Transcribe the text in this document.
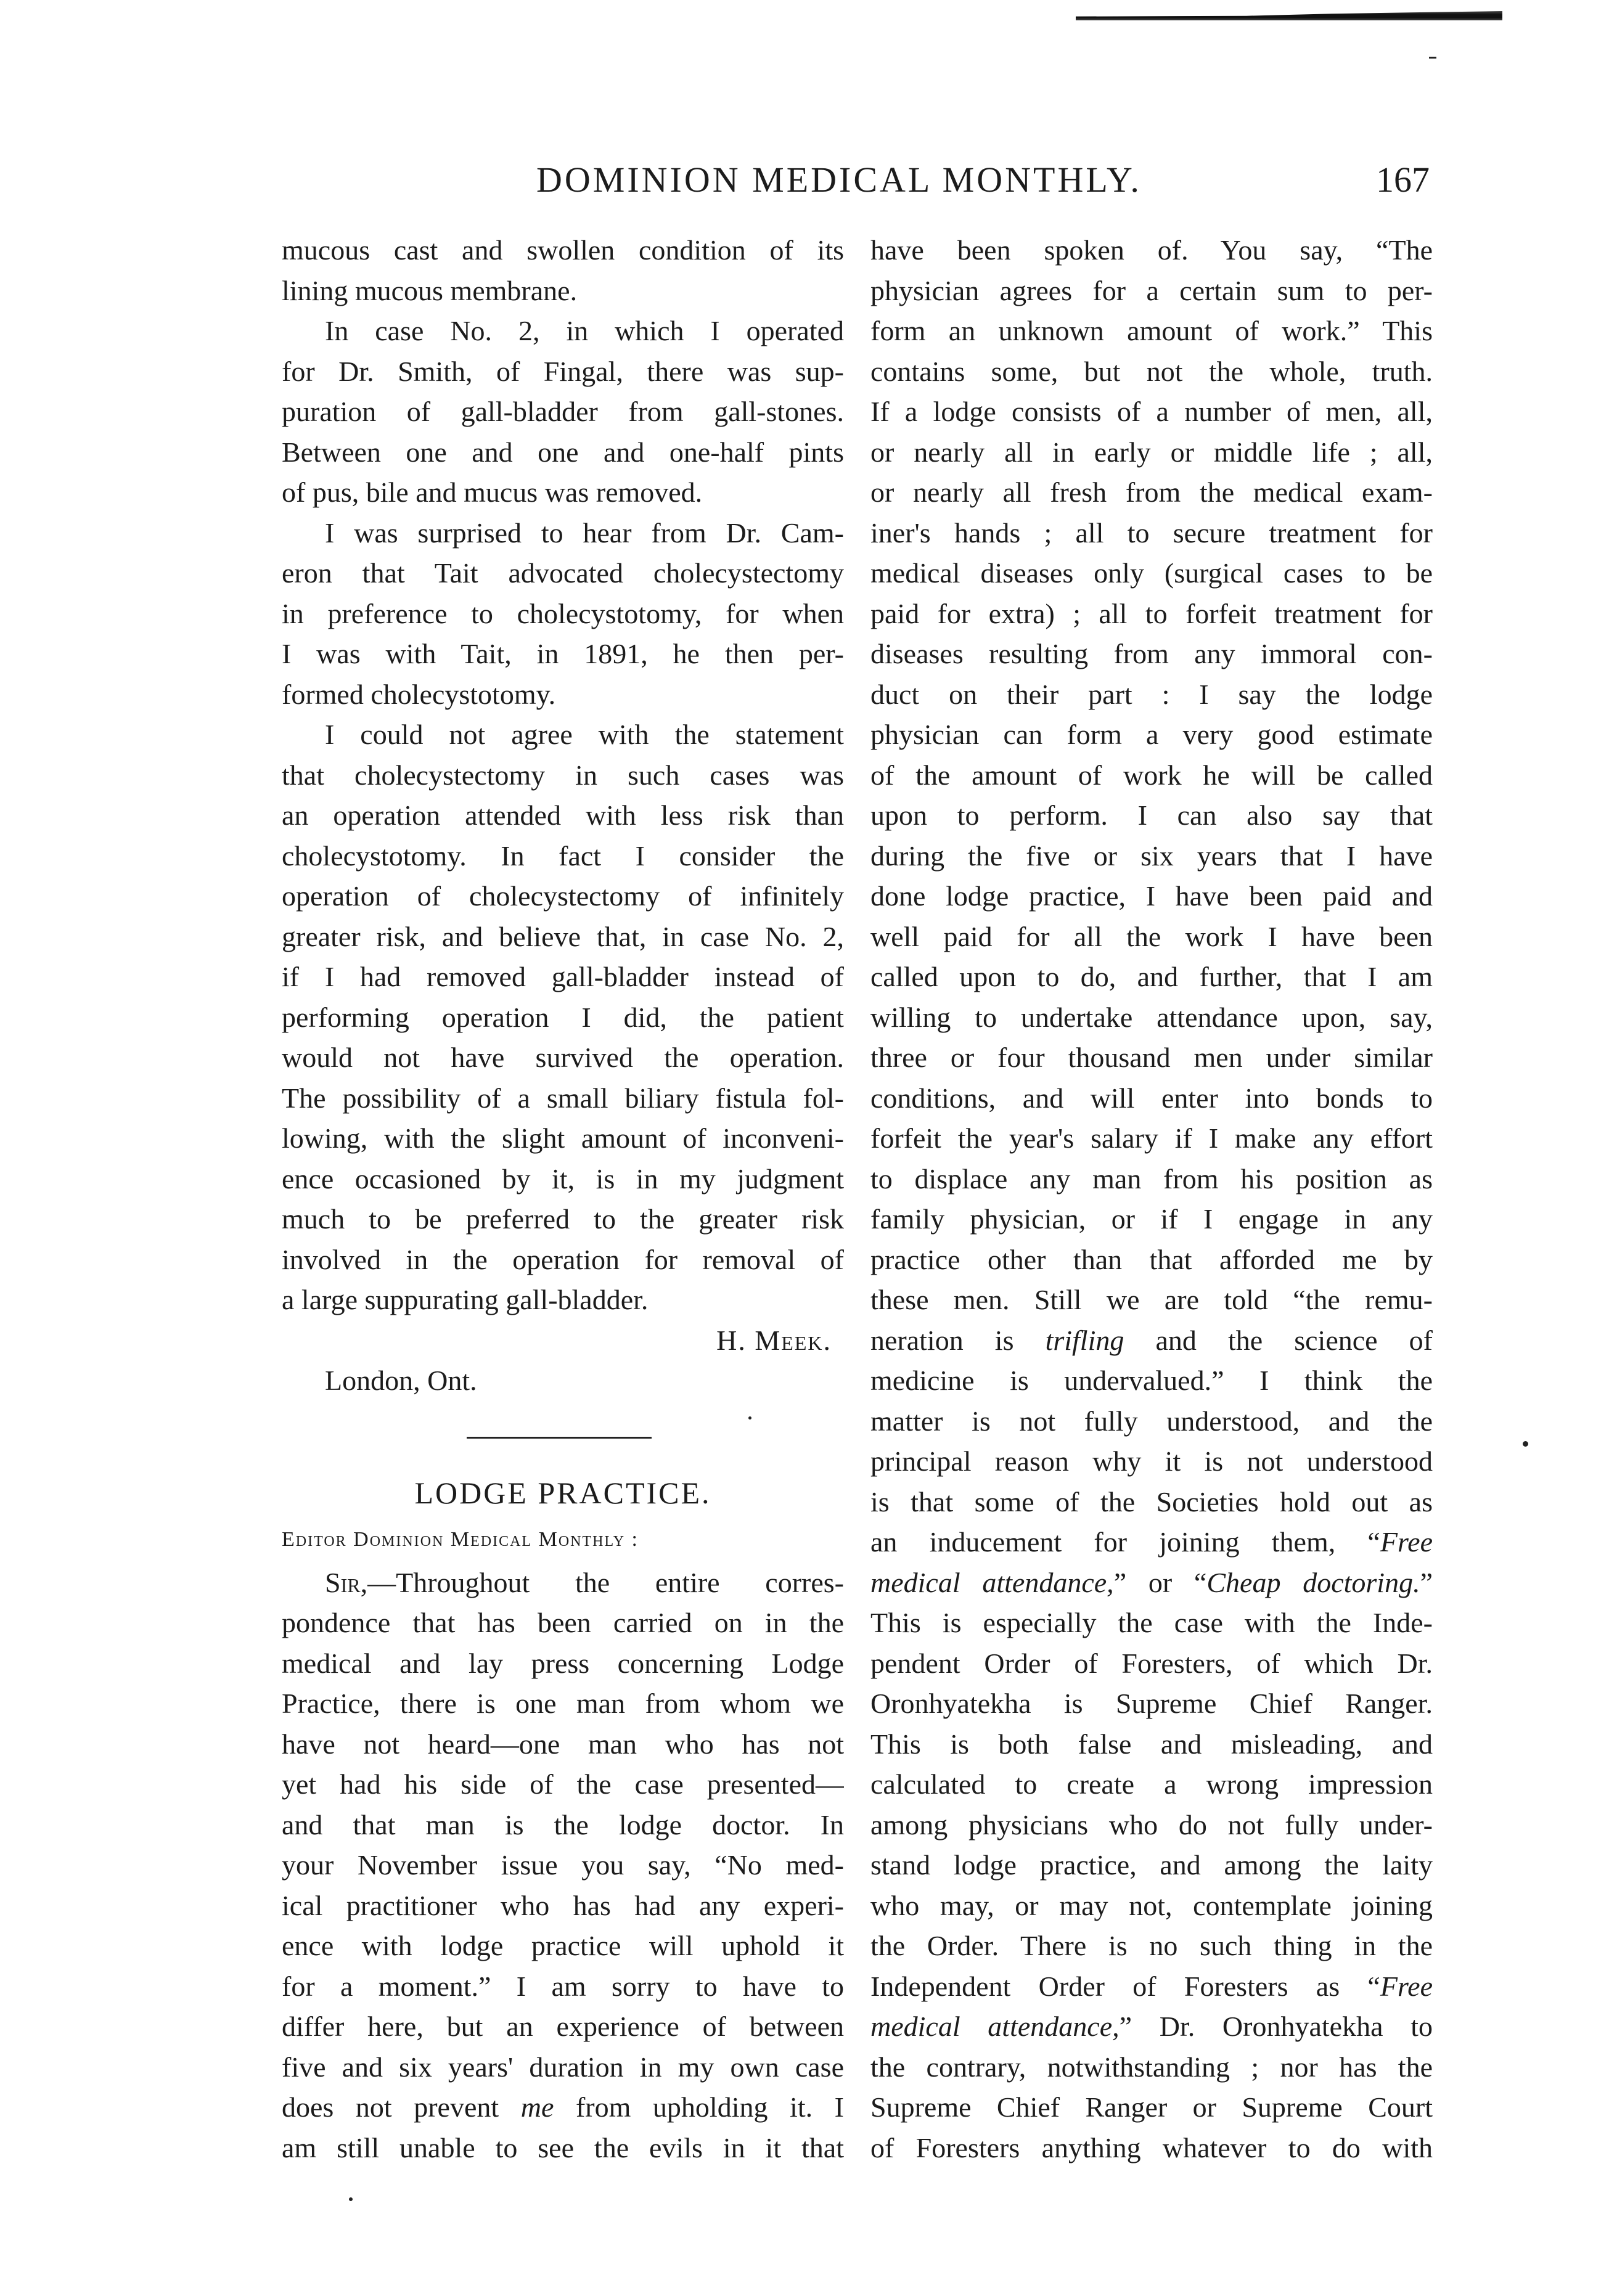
DOMINION MEDICAL MONTHLY.	167
mucous cast and swollen condition of its
lining mucous membrane.
In case No. 2, in which I operated
for Dr. Smith, of Fingal, there was sup-
puration of gall-bladder from gall-stones.
Between one and one and one-half pints
of pus, bile and mucus was removed.
I was surprised to hear from Dr. Cam-
eron that Tait advocated cholecystectomy
in preference to cholecystotomy, for when
I was with Tait, in 1891, he then per-
formed cholecystotomy.
I could not agree with the statement
that cholecystectomy in such cases was
an operation attended with less risk than
cholecystotomy. In fact I consider the
operation of cholecystectomy of infinitely
greater risk, and believe that, in case No. 2,
if I had removed gall-bladder instead of
performing operation I did, the patient
would not have survived the operation.
The possibility of a small biliary fistula fol-
lowing, with the slight amount of inconveni-
ence occasioned by it, is in my judgment
much to be preferred to the greater risk
involved in the operation for removal of
a large suppurating gall-bladder.
H. Meek.
London, Ont.
LODGE PRACTICE.
Editor Dominion Medical Monthly :
Sir,—Throughout the entire corres-
pondence that has been carried on in the
medical and lay press concerning Lodge
Practice, there is one man from whom we
have not heard—one man who has not
yet had his side of the case presented—
and that man is the lodge doctor. In
your November issue you say, “No med-
ical practitioner who has had any experi-
ence with lodge practice will uphold it
for a moment.” I am sorry to have to
differ here, but an experience of between
five and six years' duration in my own case
does not prevent me from upholding it. I
am still unable to see the evils in it that
have been spoken of. You say, “The
physician agrees for a certain sum to per-
form an unknown amount of work.” This
contains some, but not the whole, truth.
If a lodge consists of a number of men, all,
or nearly all in early or middle life ; all,
or nearly all fresh from the medical exam-
iner's hands ; all to secure treatment for
medical diseases only (surgical cases to be
paid for extra) ; all to forfeit treatment for
diseases resulting from any immoral con-
duct on their part : I say the lodge
physician can form a very good estimate
of the amount of work he will be called
upon to perform. I can also say that
during the five or six years that I have
done lodge practice, I have been paid and
well paid for all the work I have been
called upon to do, and further, that I am
willing to undertake attendance upon, say,
three or four thousand men under similar
conditions, and will enter into bonds to
forfeit the year's salary if I make any effort
to displace any man from his position as
family physician, or if I engage in any
practice other than that afforded me by
these men. Still we are told “the remu-
neration is trifling and the science of
medicine is undervalued.” I think the
matter is not fully understood, and the
principal reason why it is not understood
is that some of the Societies hold out as
an inducement for joining them, “Free
medical attendance,” or “Cheap doctoring.”
This is especially the case with the Inde-
pendent Order of Foresters, of which Dr.
Oronhyatekha is Supreme Chief Ranger.
This is both false and misleading, and
calculated to create a wrong impression
among physicians who do not fully under-
stand lodge practice, and among the laity
who may, or may not, contemplate joining
the Order. There is no such thing in the
Independent Order of Foresters as “Free
medical attendance,” Dr. Oronhyatekha to
the contrary, notwithstanding ; nor has the
Supreme Chief Ranger or Supreme Court
of Foresters anything whatever to do with
